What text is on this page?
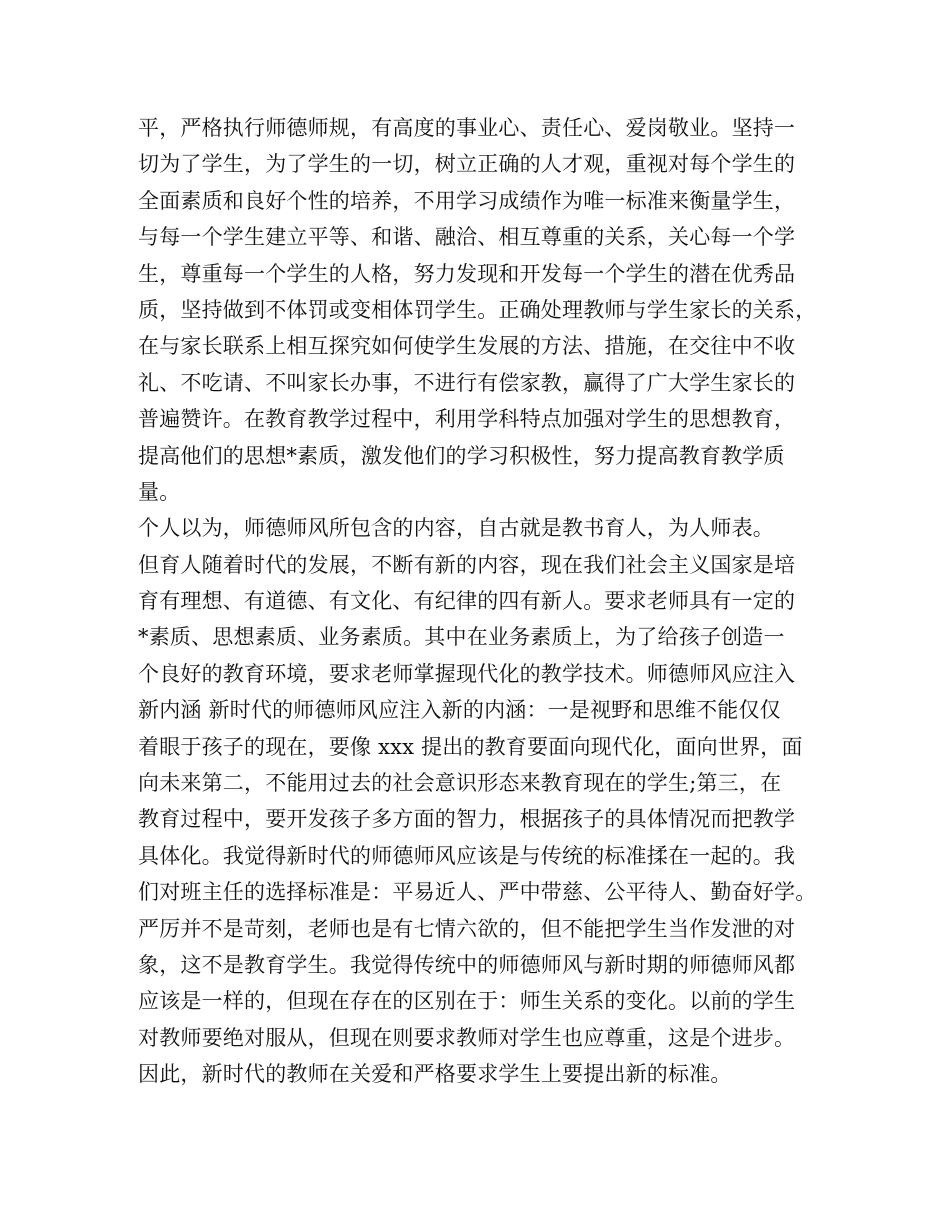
平，严格执行师德师规，有高度的事业心、责任心、爱岗敬业。坚持一
切为了学生，为了学生的一切，树立正确的人才观，重视对每个学生的
全面素质和良好个性的培养，不用学习成绩作为唯一标准来衡量学生，
与每一个学生建立平等、和谐、融洽、相互尊重的关系，关心每一个学
生，尊重每一个学生的人格，努力发现和开发每一个学生的潜在优秀品
质，坚持做到不体罚或变相体罚学生。正确处理教师与学生家长的关系，
在与家长联系上相互探究如何使学生发展的方法、措施，在交往中不收
礼、不吃请、不叫家长办事，不进行有偿家教，赢得了广大学生家长的
普遍赞许。在教育教学过程中，利用学科特点加强对学生的思想教育，
提高他们的思想*素质，激发他们的学习积极性，努力提高教育教学质
量。
个人以为，师德师风所包含的内容，自古就是教书育人，为人师表。
但育人随着时代的发展，不断有新的内容，现在我们社会主义国家是培
育有理想、有道德、有文化、有纪律的四有新人。要求老师具有一定的
*素质、思想素质、业务素质。其中在业务素质上，为了给孩子创造一
个良好的教育环境，要求老师掌握现代化的教学技术。师德师风应注入
新内涵 新时代的师德师风应注入新的内涵：一是视野和思维不能仅仅
着眼于孩子的现在，要像 xxx 提出的教育要面向现代化，面向世界，面
向未来第二，不能用过去的社会意识形态来教育现在的学生;第三，在
教育过程中，要开发孩子多方面的智力，根据孩子的具体情况而把教学
具体化。我觉得新时代的师德师风应该是与传统的标准揉在一起的。我
们对班主任的选择标准是：平易近人、严中带慈、公平待人、勤奋好学。
严厉并不是苛刻，老师也是有七情六欲的，但不能把学生当作发泄的对
象，这不是教育学生。我觉得传统中的师德师风与新时期的师德师风都
应该是一样的，但现在存在的区别在于：师生关系的变化。以前的学生
对教师要绝对服从，但现在则要求教师对学生也应尊重，这是个进步。
因此，新时代的教师在关爱和严格要求学生上要提出新的标准。
